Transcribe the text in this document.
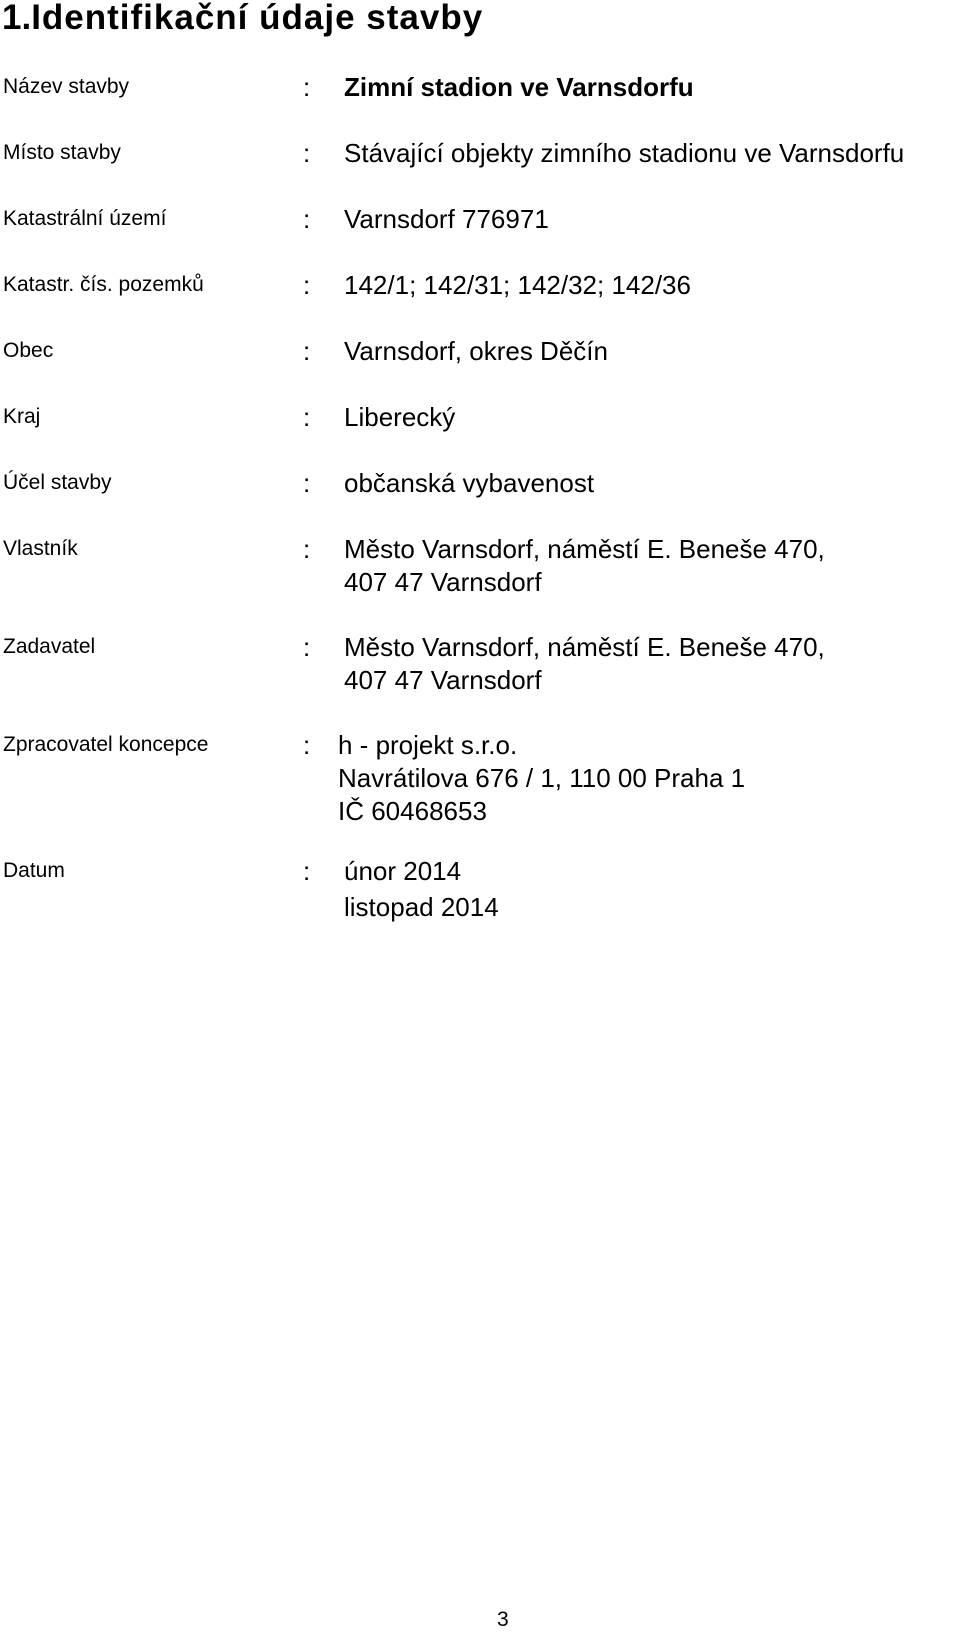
1.Identifikační údaje stavby
Název stavby	: Zimní stadion ve Varnsdorfu
Místo stavby	: Stávající objekty zimního stadionu ve Varnsdorfu
Katastrální území	: Varnsdorf 776971
Katastr. čís. pozemků	: 142/1; 142/31; 142/32; 142/36
Obec	: Varnsdorf, okres Děčín
Kraj	: Liberecký
Účel stavby	: občanská vybavenost
Vlastník	: Město Varnsdorf, náměstí E. Beneše 470,
407 47 Varnsdorf
Zadavatel	: Město Varnsdorf, náměstí E. Beneše 470,
407 47 Varnsdorf
Zpracovatel koncepce	: h - projekt s.r.o.
Navrátilova 676 / 1, 110 00 Praha 1
IČ 60468653
Datum	: únor 2014
listopad 2014
3
